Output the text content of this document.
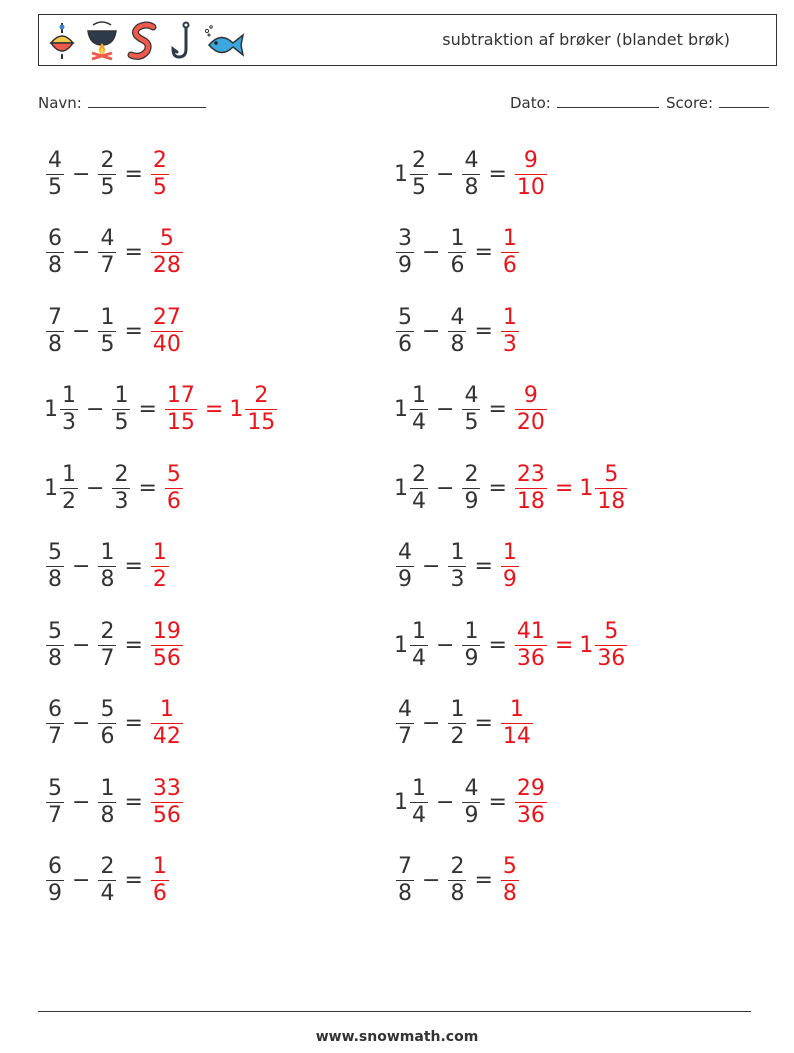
subtraktion af brøker (blandet brøk)
Navn:	Dato:	Score:
$\frac{4}{5} - \frac{2}{5} = \frac{2}{5}$
$\frac{6}{8} - \frac{4}{7} = \frac{5}{28}$
$\frac{7}{8} - \frac{1}{5} = \frac{27}{40}$
$1 \frac{1}{3} - \frac{1}{5} = \frac{17}{15} = 1 \frac{2}{15}$
$1 \frac{1}{2} - \frac{2}{3} = \frac{5}{6}$
$\frac{5}{8} - \frac{1}{8} = \frac{1}{2}$
$\frac{5}{8} - \frac{2}{7} = \frac{19}{56}$
$\frac{6}{7} - \frac{5}{6} = \frac{1}{42}$
$\frac{5}{7} - \frac{1}{8} = \frac{33}{56}$
$\frac{6}{9} - \frac{2}{4} = \frac{1}{6}$
$1 \frac{2}{5} - \frac{4}{8} = \frac{9}{10}$
$\frac{3}{9} - \frac{1}{6} = \frac{1}{6}$
$\frac{5}{6} - \frac{4}{8} = \frac{1}{3}$
$1 \frac{1}{4} - \frac{4}{5} = \frac{9}{20}$
$1 \frac{2}{4} - \frac{2}{9} = \frac{23}{18} = 1 \frac{5}{18}$
$\frac{4}{9} - \frac{1}{3} = \frac{1}{9}$
$1 \frac{1}{4} - \frac{1}{9} = \frac{41}{36} = 1 \frac{5}{36}$
$\frac{4}{7} - \frac{1}{2} = \frac{1}{14}$
$1 \frac{1}{4} - \frac{4}{9} = \frac{29}{36}$
$\frac{7}{8} - \frac{2}{8} = \frac{5}{8}$
www.snowmath.com
